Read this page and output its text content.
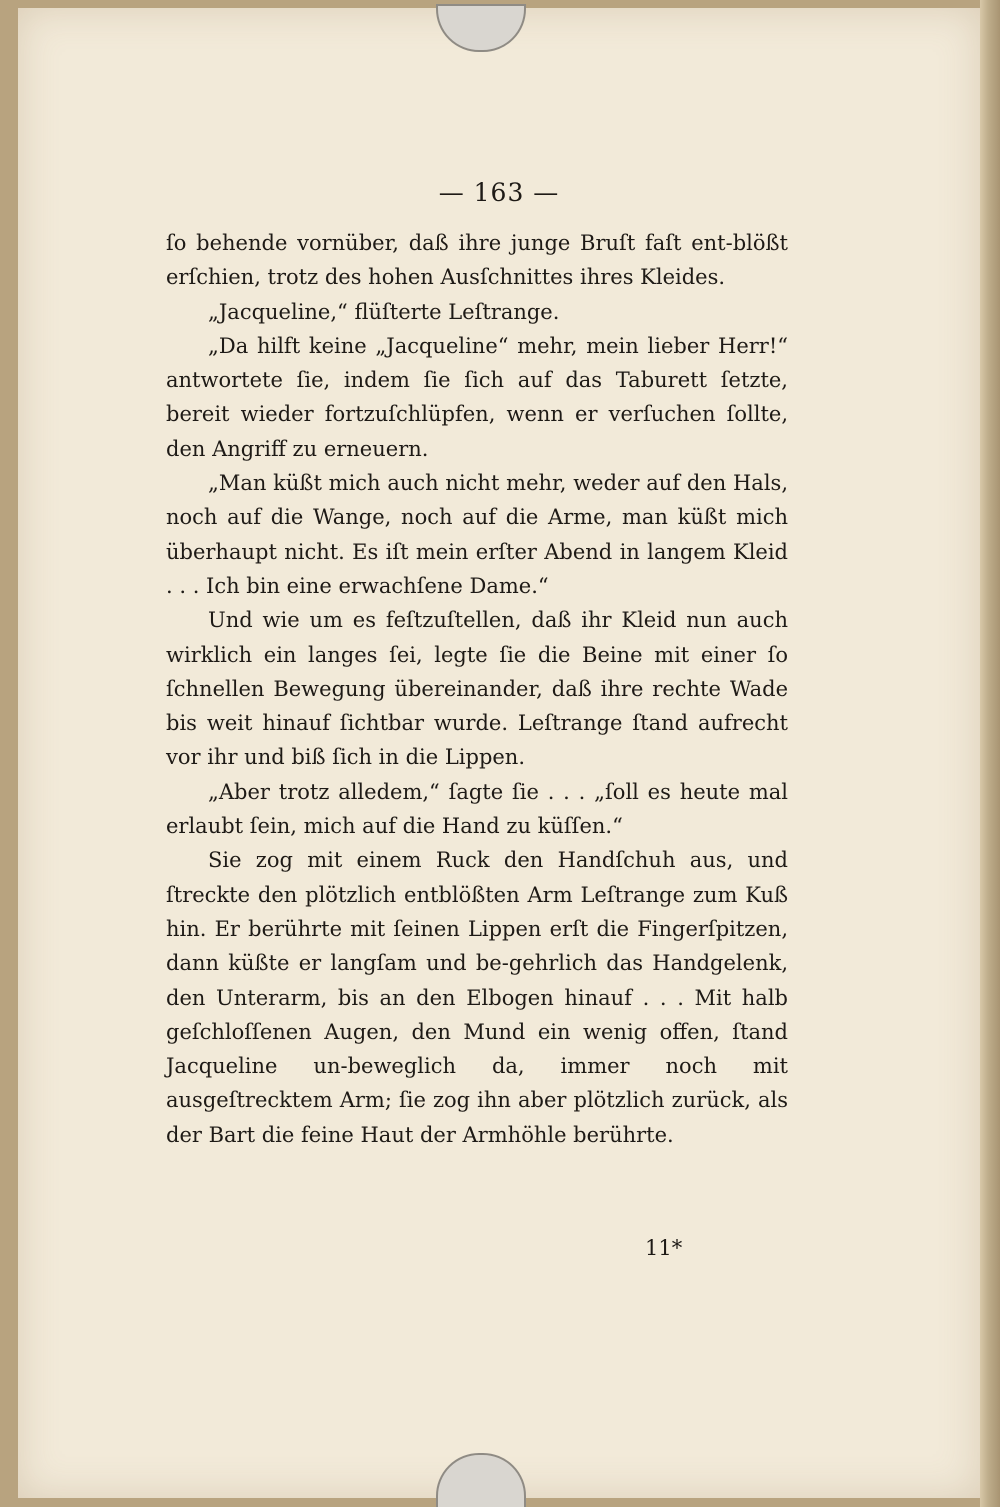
— 163 —

ſo behende vornüber, daß ihre junge Bruſt faſt ent‑blößt erſchien, trotz des hohen Ausſchnittes ihres Kleides.

„Jacqueline,“ flüſterte Leſtrange.

„Da hilft keine „Jacqueline“ mehr, mein lieber Herr!“ antwortete ſie, indem ſie ſich auf das Taburett ſetzte, bereit wieder fortzuſchlüpfen, wenn er verſuchen ſollte, den Angriff zu erneuern.

„Man küßt mich auch nicht mehr, weder auf den Hals, noch auf die Wange, noch auf die Arme, man küßt mich überhaupt nicht. Es iſt mein erſter Abend in langem Kleid . . . Ich bin eine erwachſene Dame.“

Und wie um es feſtzuſtellen, daß ihr Kleid nun auch wirklich ein langes ſei, legte ſie die Beine mit einer ſo ſchnellen Bewegung übereinander, daß ihre rechte Wade bis weit hinauf ſichtbar wurde. Leſtrange ſtand aufrecht vor ihr und biß ſich in die Lippen.

„Aber trotz alledem,“ ſagte ſie . . . „ſoll es heute mal erlaubt ſein, mich auf die Hand zu küſſen.“

Sie zog mit einem Ruck den Handſchuh aus, und ſtreckte den plötzlich entblößten Arm Leſtrange zum Kuß hin. Er berührte mit ſeinen Lippen erſt die Fingerſpitzen, dann küßte er langſam und be‑gehrlich das Handgelenk, den Unterarm, bis an den Elbogen hinauf . . . Mit halb geſchloſſenen Augen, den Mund ein wenig offen, ſtand Jacqueline un‑beweglich da, immer noch mit ausgeſtrecktem Arm; ſie zog ihn aber plötzlich zurück, als der Bart die feine Haut der Armhöhle berührte.

11*
